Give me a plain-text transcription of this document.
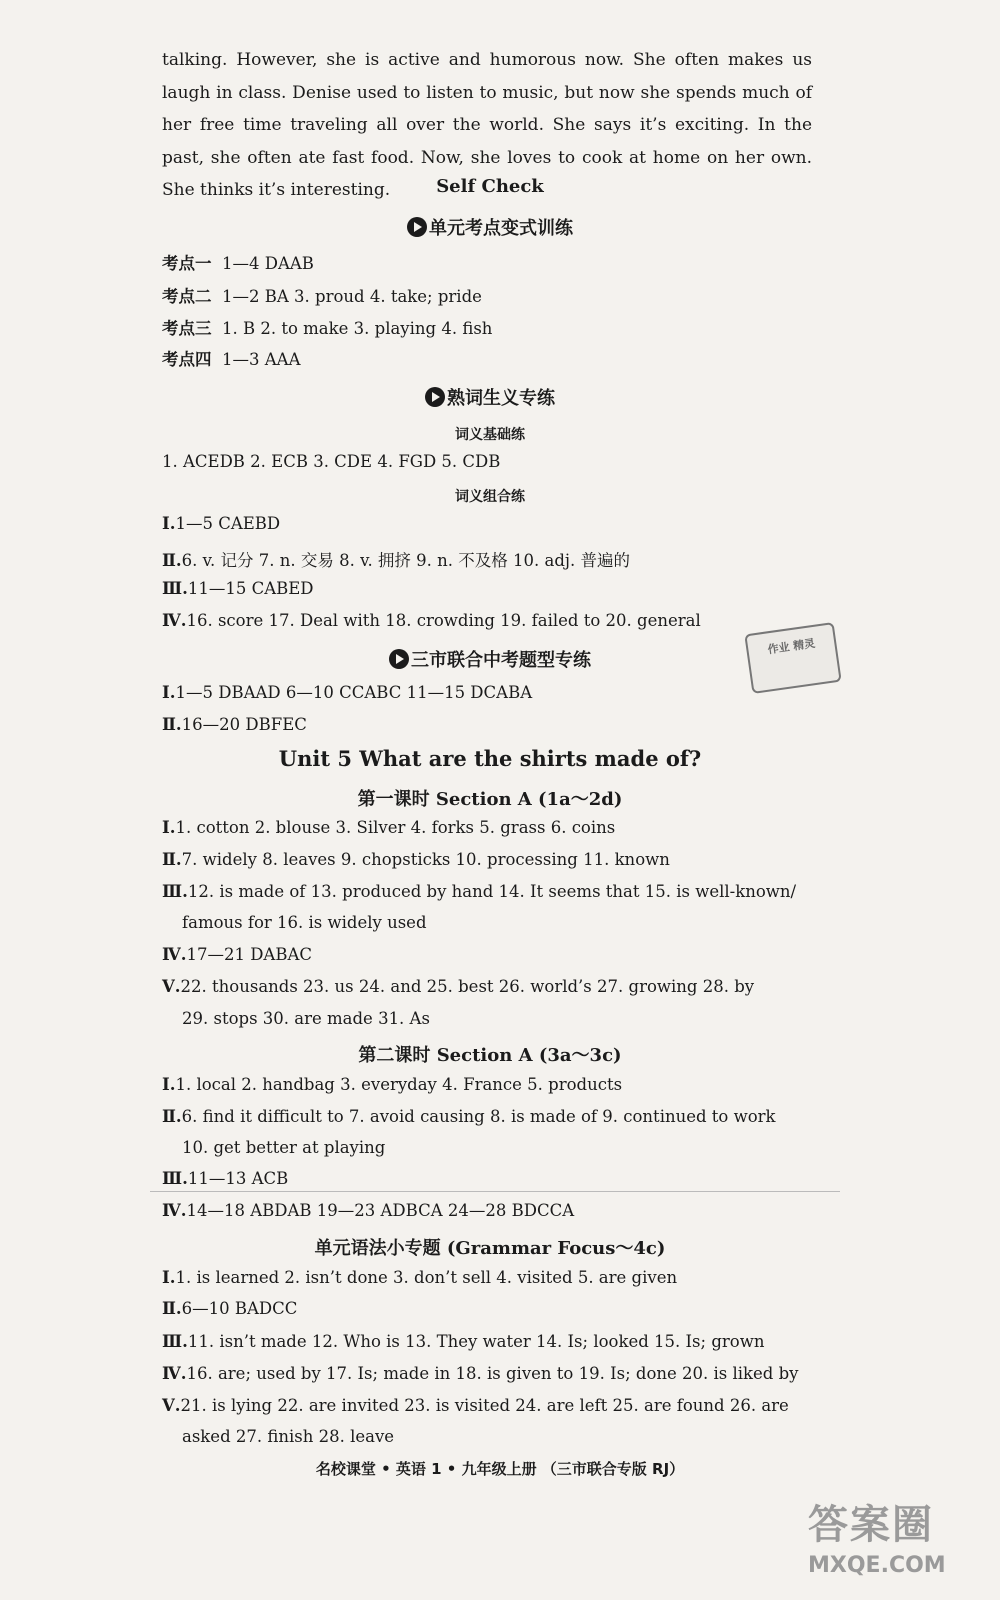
talking. However, she is active and humorous now. She often makes us laugh in class. Denise used to listen to music, but now she spends much of her free time traveling all over the world. She says it’s exciting. In the past, she often ate fast food. Now, she loves to cook at home on her own. She thinks it’s interesting.	Self Check
单元考点变式训练
考点一 1—4 DAAB
考点二 1—2 BA 3. proud 4. take; pride
考点三 1. B 2. to make 3. playing 4. fish
考点四 1—3 AAA
熟词生义专练
词义基础练
1. ACEDB 2. ECB 3. CDE 4. FGD 5. CDB
词义组合练
Ⅰ.1—5 CAEBD
Ⅱ.6. v. 记分 7. n. 交易 8. v. 拥挤 9. n. 不及格 10. adj. 普遍的
Ⅲ.11—15 CABED
Ⅳ.16. score 17. Deal with 18. crowding 19. failed to 20. general
作业 精灵
三市联合中考题型专练
Ⅰ.1—5 DBAAD 6—10 CCABC 11—15 DCABA
Ⅱ.16—20 DBFEC
Unit 5 What are the shirts made of?
第一课时 Section A (1a～2d)
Ⅰ.1. cotton 2. blouse 3. Silver 4. forks 5. grass 6. coins
Ⅱ.7. widely 8. leaves 9. chopsticks 10. processing 11. known
Ⅲ.12. is made of 13. produced by hand 14. It seems that 15. is well-known/
famous for 16. is widely used
Ⅳ.17—21 DABAC
Ⅴ.22. thousands 23. us 24. and 25. best 26. world’s 27. growing 28. by
29. stops 30. are made 31. As
第二课时 Section A (3a～3c)
Ⅰ.1. local 2. handbag 3. everyday 4. France 5. products
Ⅱ.6. find it difficult to 7. avoid causing 8. is made of 9. continued to work
10. get better at playing
Ⅲ.11—13 ACB
Ⅳ.14—18 ABDAB 19—23 ADBCA 24—28 BDCCA
单元语法小专题 (Grammar Focus～4c)
Ⅰ.1. is learned 2. isn’t done 3. don’t sell 4. visited 5. are given
Ⅱ.6—10 BADCC
Ⅲ.11. isn’t made 12. Who is 13. They water 14. Is; looked 15. Is; grown
Ⅳ.16. are; used by 17. Is; made in 18. is given to 19. Is; done 20. is liked by
Ⅴ.21. is lying 22. are invited 23. is visited 24. are left 25. are found 26. are
asked 27. finish 28. leave
名校课堂 • 英语 1 • 九年级上册 （三市联合专版 RJ）
答案圈
MXQE.COM
